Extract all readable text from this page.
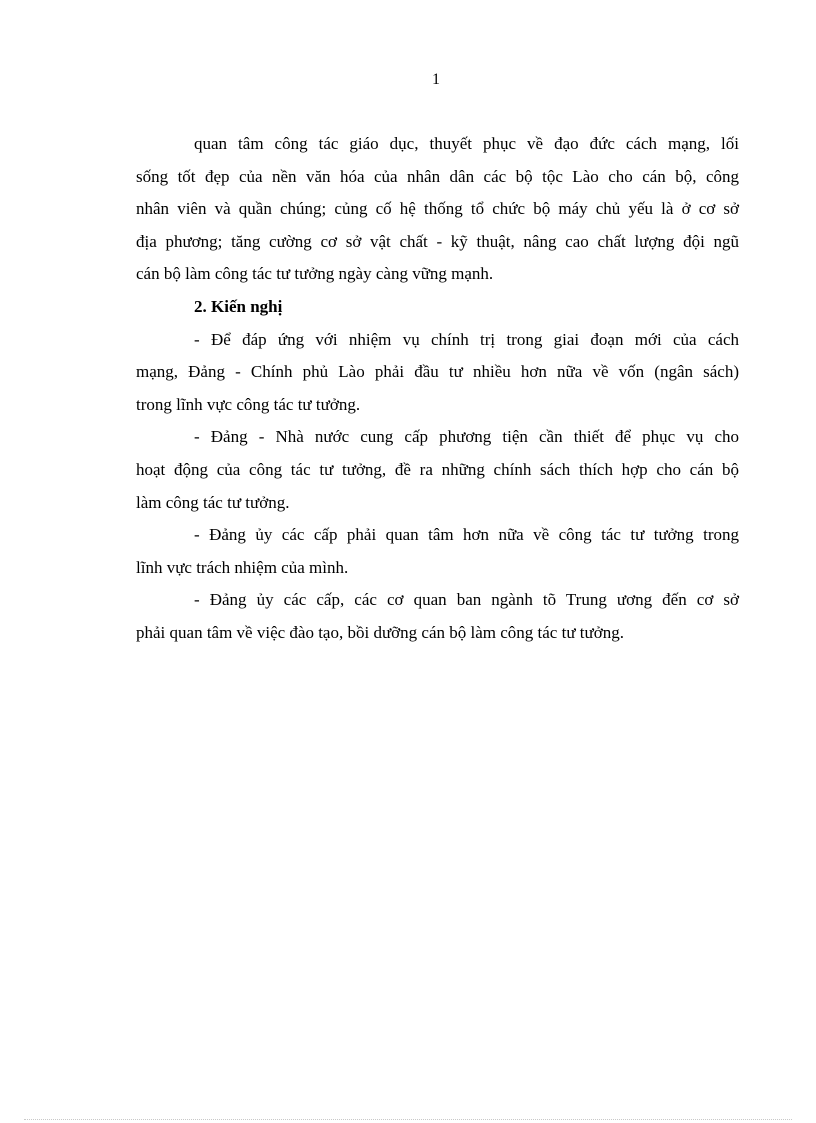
1
quan tâm công tác giáo dục, thuyết phục về đạo đức cách mạng, lối
sống tốt đẹp của nền văn hóa của nhân dân các bộ tộc Lào cho cán bộ, công
nhân viên và quần chúng; củng cố hệ thống tổ chức bộ máy chủ yếu là ở cơ sở
địa phương; tăng cường cơ sở vật chất - kỹ thuật, nâng cao chất lượng đội ngũ
cán bộ làm công tác tư tưởng ngày càng vững mạnh.
2. Kiến nghị
- Để đáp ứng với nhiệm vụ chính trị trong giai đoạn mới của cách
mạng, Đảng - Chính phủ Lào phải đầu tư nhiều hơn nữa về vốn (ngân sách)
trong lĩnh vực công tác tư tưởng.
- Đảng - Nhà nước cung cấp phương tiện cần thiết để phục vụ cho
hoạt động của công tác tư tưởng, đề ra những chính sách thích hợp cho cán bộ
làm công tác tư tưởng.
- Đảng ủy các cấp phải quan tâm hơn nữa về công tác tư tưởng trong
lĩnh vực trách nhiệm của mình.
- Đảng ủy các cấp, các cơ quan ban ngành tõ Trung ương đến cơ sở
phải quan tâm về việc đào tạo, bồi dưỡng cán bộ làm công tác tư tưởng.
